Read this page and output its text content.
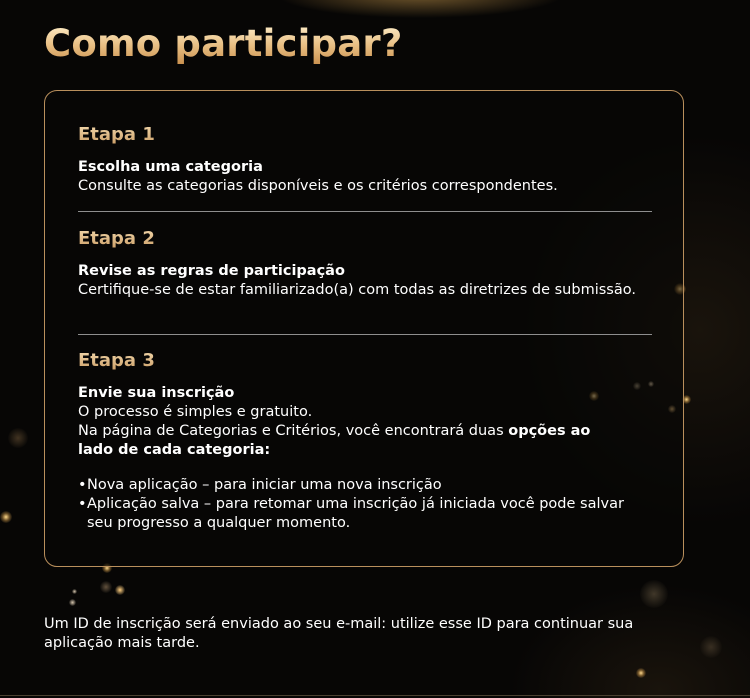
Como participar?
Etapa 1
Escolha uma categoria
Consulte as categorias disponíveis e os critérios correspondentes.
Etapa 2
Revise as regras de participação
Certifique-se de estar familiarizado(a) com todas as diretrizes de submissão.
Etapa 3
Envie sua inscrição
O processo é simples e gratuito.
Na página de Categorias e Critérios, você encontrará duas opções ao
lado de cada categoria:
• Nova aplicação – para iniciar uma nova inscrição
• Aplicação salva – para retomar uma inscrição já iniciada você pode salvar seu progresso a qualquer momento.
Um ID de inscrição será enviado ao seu e-mail: utilize esse ID para continuar sua aplicação mais tarde.
